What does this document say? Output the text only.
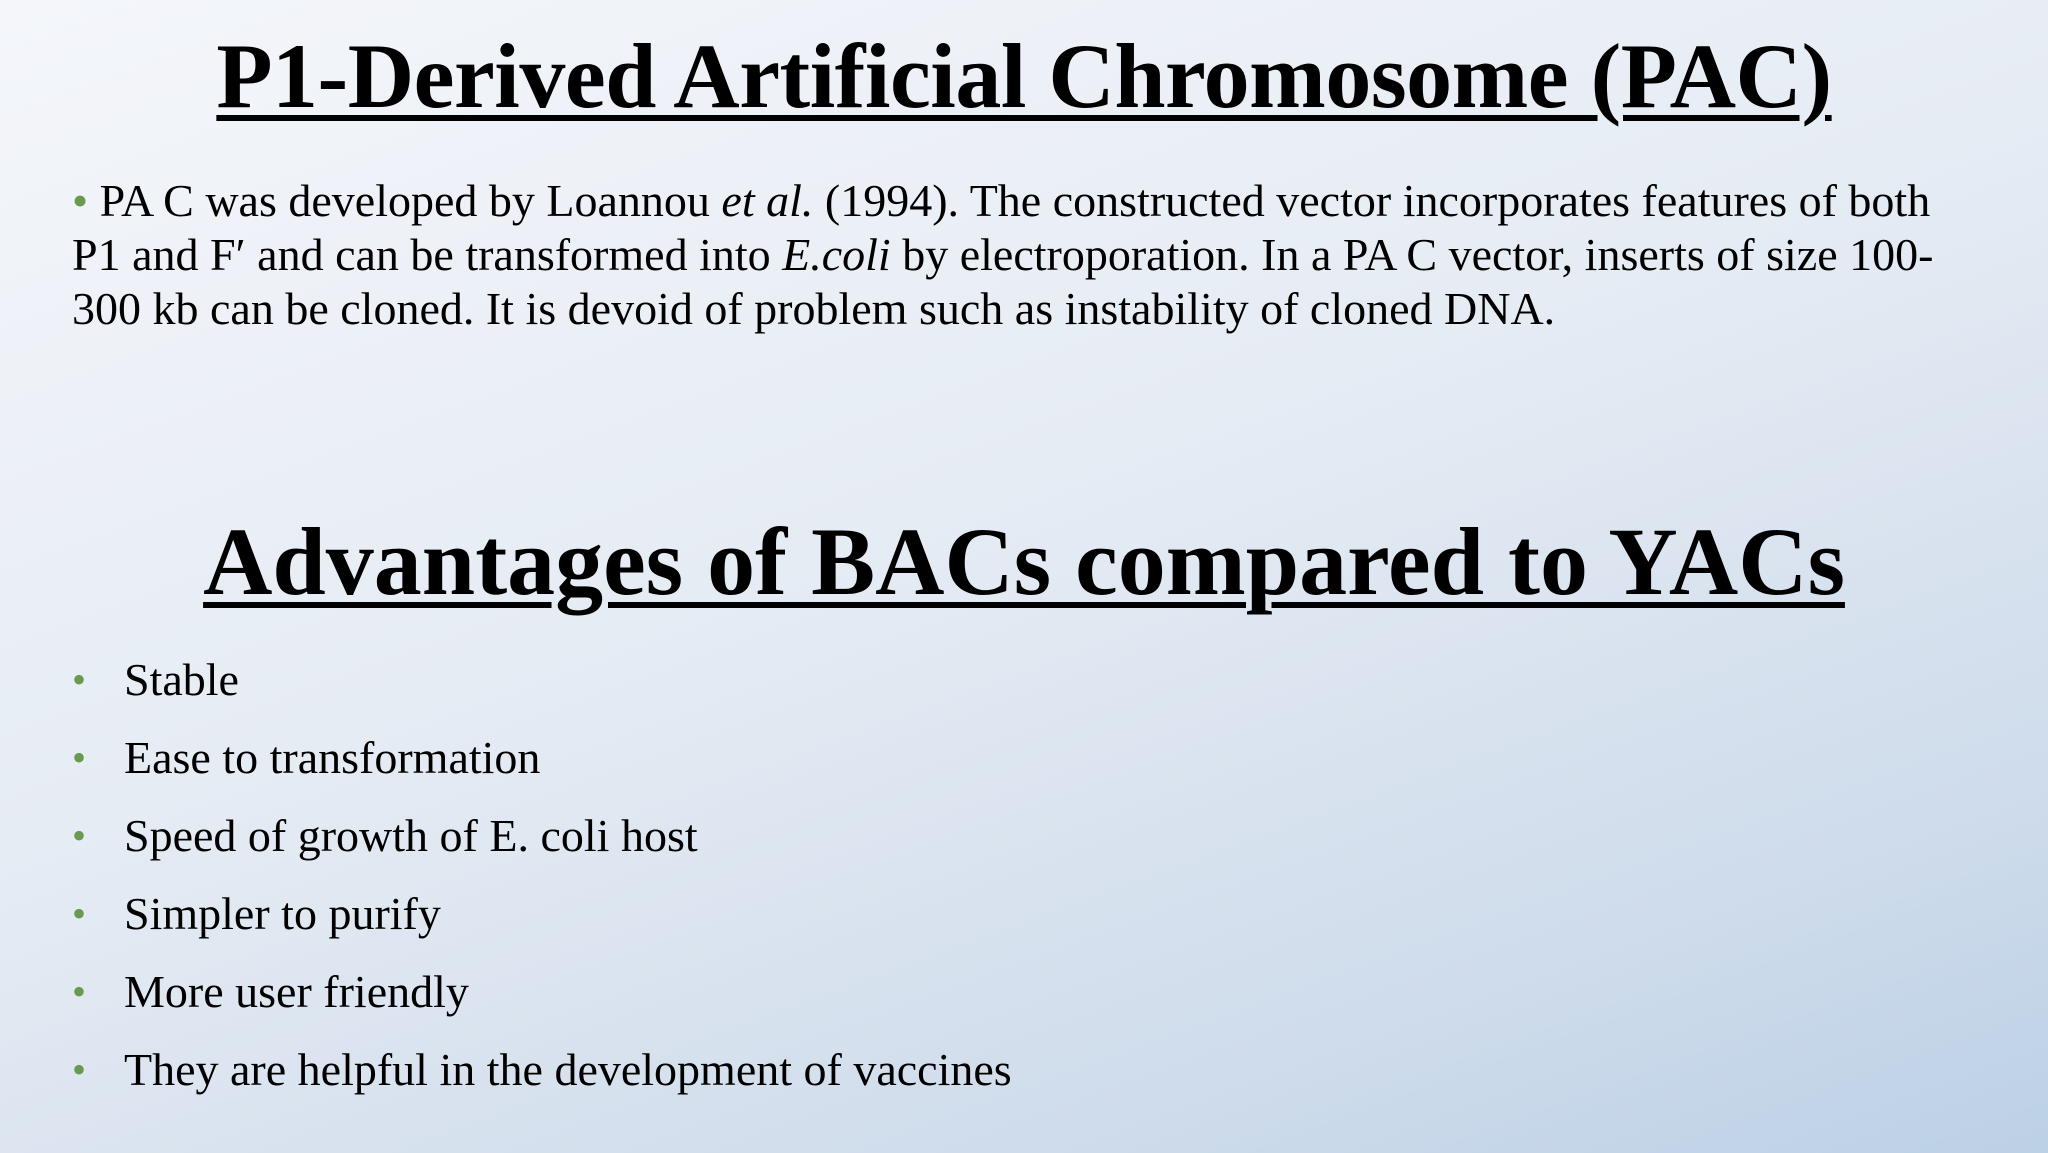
P1-Derived Artificial Chromosome (PAC)

• PA C was developed by Loannou et al. (1994). The constructed vector incorporates features of both P1 and F′ and can be transformed into E.coli by electroporation. In a PA C vector, inserts of size 100-300 kb can be cloned. It is devoid of problem such as instability of cloned DNA.

Advantages of BACs compared to YACs
• Stable
• Ease to transformation
• Speed of growth of E. coli host
• Simpler to purify
• More user friendly
• They are helpful in the development of vaccines
